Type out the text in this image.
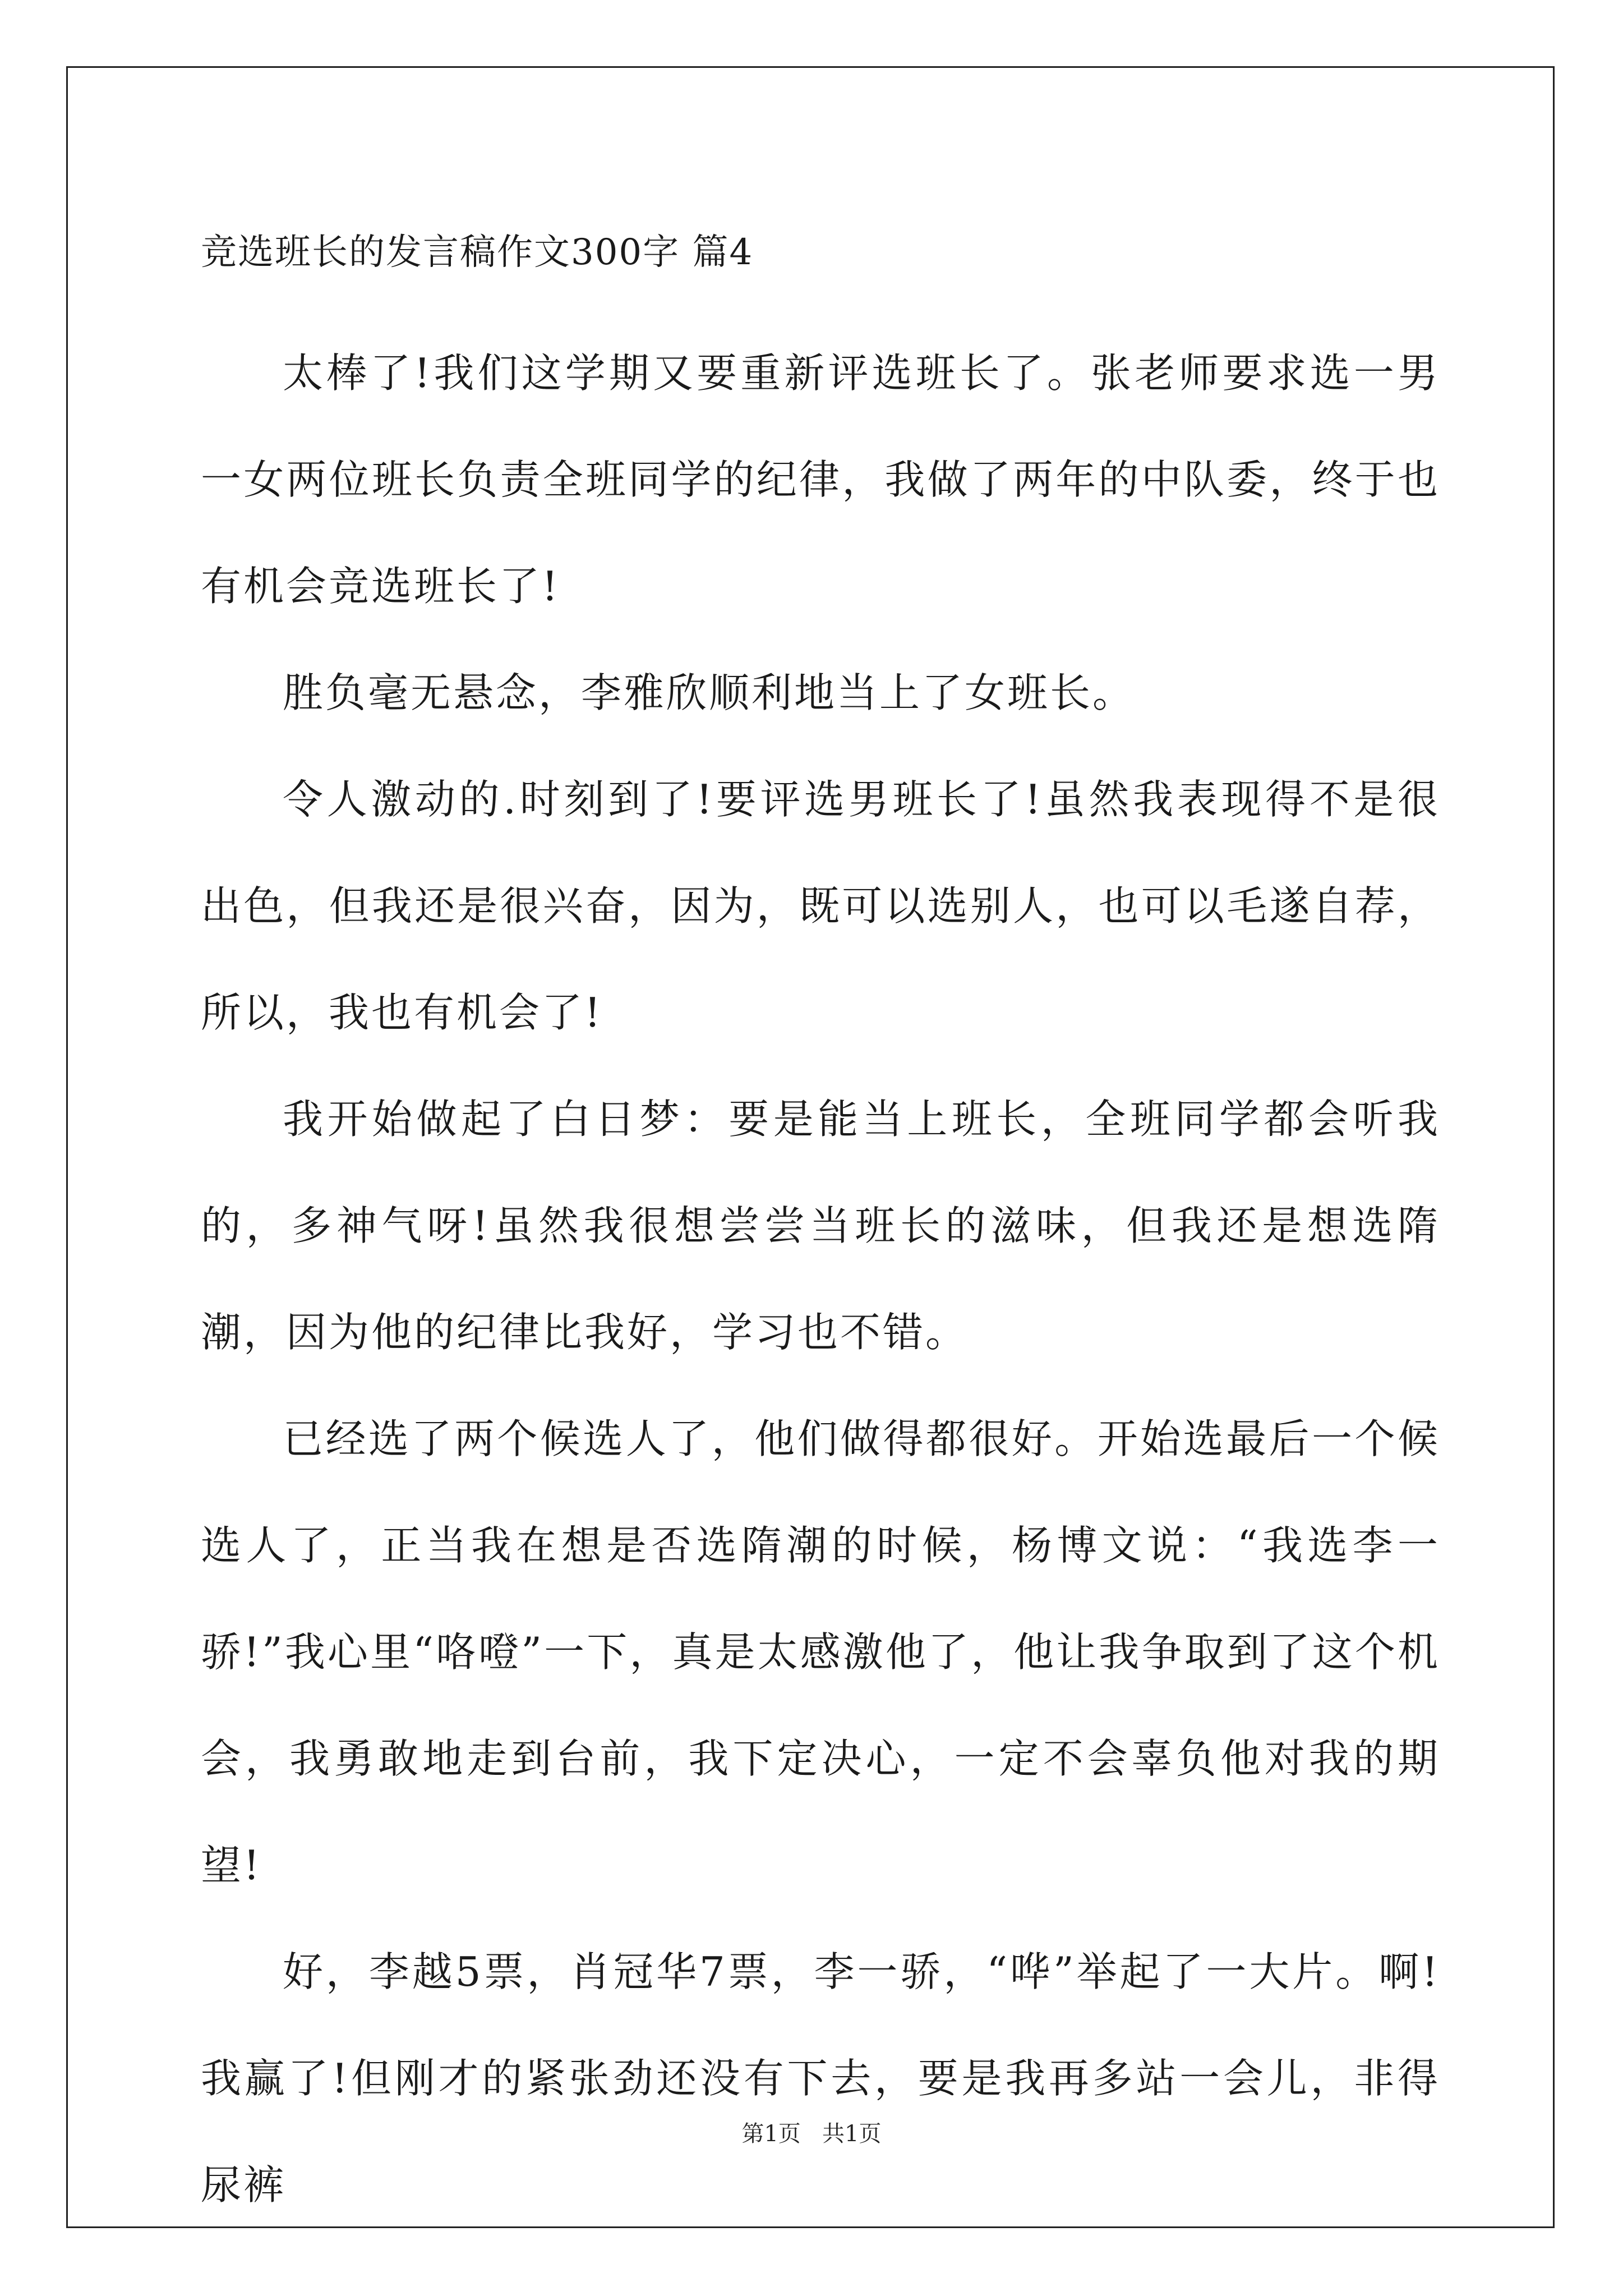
竞选班长的发言稿作文300字 篇4

太棒了!我们这学期又要重新评选班长了。张老师要求选一男一女两位班长负责全班同学的纪律，我做了两年的中队委，终于也有机会竞选班长了!

胜负毫无悬念，李雅欣顺利地当上了女班长。

令人激动的.时刻到了!要评选男班长了!虽然我表现得不是很出色，但我还是很兴奋，因为，既可以选别人，也可以毛遂自荐，所以，我也有机会了!

我开始做起了白日梦：要是能当上班长，全班同学都会听我的，多神气呀!虽然我很想尝尝当班长的滋味，但我还是想选隋潮，因为他的纪律比我好，学习也不错。

已经选了两个候选人了，他们做得都很好。开始选最后一个候选人了，正当我在想是否选隋潮的时候，杨博文说：“我选李一骄!”我心里“咯噔”一下，真是太感激他了，他让我争取到了这个机会，我勇敢地走到台前，我下定决心，一定不会辜负他对我的期望!

好，李越5票，肖冠华7票，李一骄，“哗”举起了一大片。啊!我赢了!但刚才的紧张劲还没有下去，要是我再多站一会儿，非得尿裤

第1页   共1页
